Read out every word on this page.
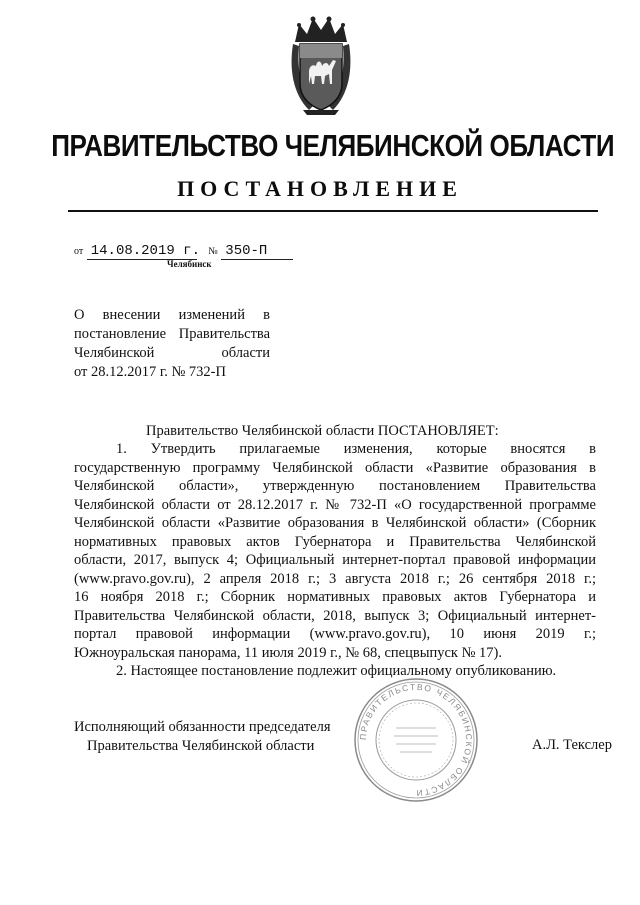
ПРАВИТЕЛЬСТВО ЧЕЛЯБИНСКОЙ ОБЛАСТИ
ПОСТАНОВЛЕНИЕ
от 14.08.2019 г. № 350-П
Челябинск
О внесении изменений в
постановление Правительства
Челябинской области
от 28.12.2017 г. № 732-П
Правительство Челябинской области ПОСТАНОВЛЯЕТ:
1. Утвердить прилагаемые изменения, которые вносятся в
государственную программу Челябинской области «Развитие образования в
Челябинской области», утвержденную постановлением Правительства
Челябинской области от 28.12.2017 г. № 732-П «О государственной программе
Челябинской области «Развитие образования в Челябинской области» (Сборник
нормативных правовых актов Губернатора и Правительства Челябинской
области, 2017, выпуск 4; Официальный интернет-портал правовой информации
(www.pravo.gov.ru), 2 апреля 2018 г.; 3 августа 2018 г.; 26 сентября 2018 г.;
16 ноября 2018 г.; Сборник нормативных правовых актов Губернатора и
Правительства Челябинской области, 2018, выпуск 3; Официальный интернет-
портал правовой информации (www.pravo.gov.ru), 10 июня 2019 г.;
Южноуральская панорама, 11 июля 2019 г., № 68, спецвыпуск № 17).
2. Настоящее постановление подлежит официальному опубликованию.
ПРАВИТЕЛЬСТВО ЧЕЛЯБИНСКОЙ ОБЛАСТИ
Исполняющий обязанности председателя
Правительства Челябинской области	А.Л. Текслер
